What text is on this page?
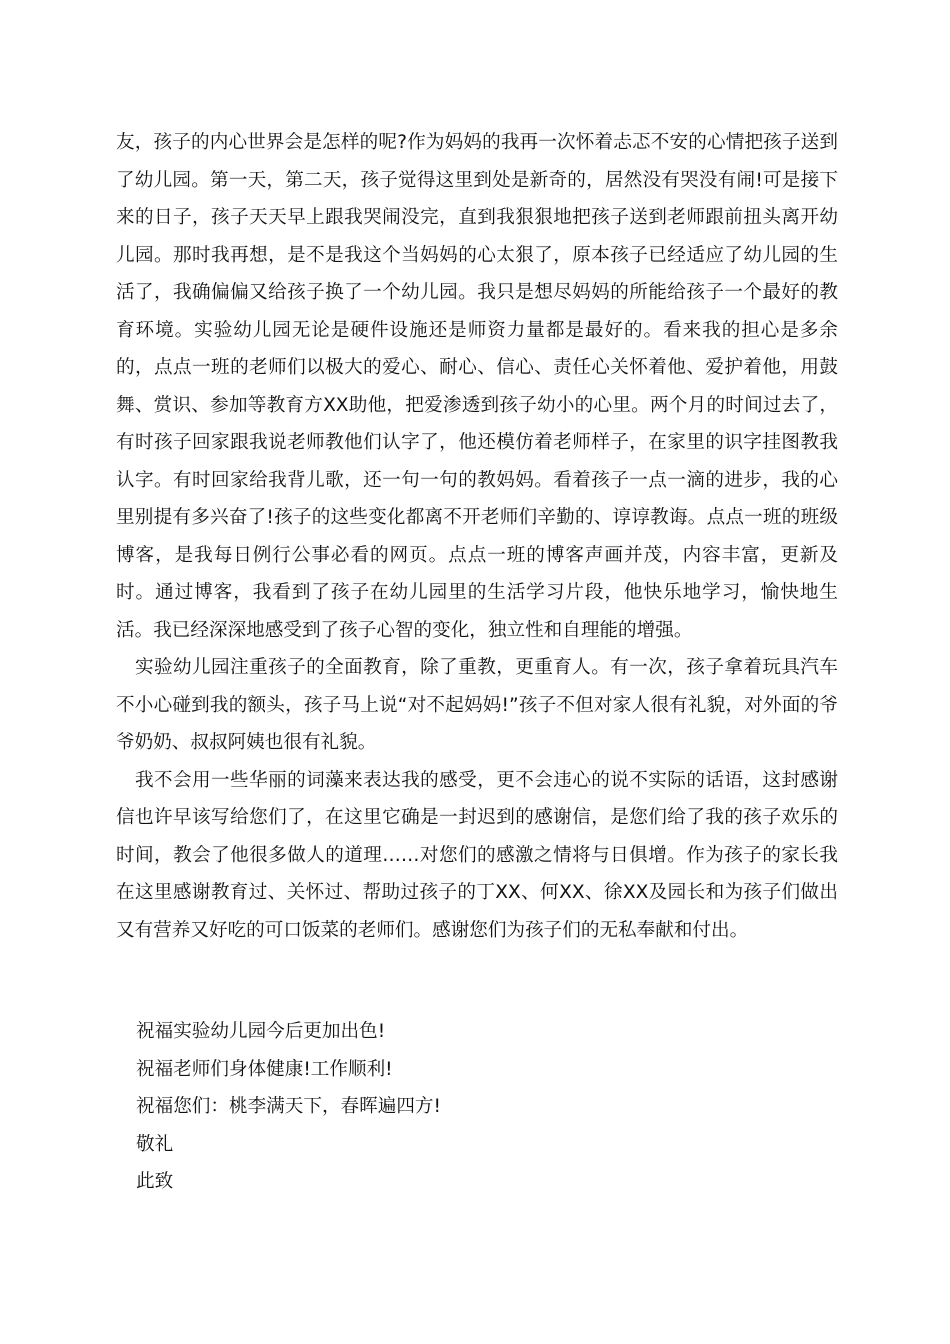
友，孩子的内心世界会是怎样的呢?作为妈妈的我再一次怀着忐忑不安的心情把孩子送到了幼儿园。第一天，第二天，孩子觉得这里到处是新奇的，居然没有哭没有闹!可是接下来的日子，孩子天天早上跟我哭闹没完，直到我狠狠地把孩子送到老师跟前扭头离开幼儿园。那时我再想，是不是我这个当妈妈的心太狠了，原本孩子已经适应了幼儿园的生活了，我确偏偏又给孩子换了一个幼儿园。我只是想尽妈妈的所能给孩子一个最好的教育环境。实验幼儿园无论是硬件设施还是师资力量都是最好的。看来我的担心是多余的，点点一班的老师们以极大的爱心、耐心、信心、责任心关怀着他、爱护着他，用鼓舞、赏识、参加等教育方XX助他，把爱渗透到孩子幼小的心里。两个月的时间过去了，有时孩子回家跟我说老师教他们认字了，他还模仿着老师样子，在家里的识字挂图教我认字。有时回家给我背儿歌，还一句一句的教妈妈。看着孩子一点一滴的进步，我的心里别提有多兴奋了!孩子的这些变化都离不开老师们辛勤的、谆谆教诲。点点一班的班级博客，是我每日例行公事必看的网页。点点一班的博客声画并茂，内容丰富，更新及时。通过博客，我看到了孩子在幼儿园里的生活学习片段，他快乐地学习，愉快地生活。我已经深深地感受到了孩子心智的变化，独立性和自理能的增强。

实验幼儿园注重孩子的全面教育，除了重教，更重育人。有一次，孩子拿着玩具汽车不小心碰到我的额头，孩子马上说“对不起妈妈!”孩子不但对家人很有礼貌，对外面的爷爷奶奶、叔叔阿姨也很有礼貌。

我不会用一些华丽的词藻来表达我的感受，更不会违心的说不实际的话语，这封感谢信也许早该写给您们了，在这里它确是一封迟到的感谢信，是您们给了我的孩子欢乐的时间，教会了他很多做人的道理……对您们的感激之情将与日俱增。作为孩子的家长我在这里感谢教育过、关怀过、帮助过孩子的丁XX、何XX、徐XX及园长和为孩子们做出又有营养又好吃的可口饭菜的老师们。感谢您们为孩子们的无私奉献和付出。

祝福实验幼儿园今后更加出色!
祝福老师们身体健康!工作顺利!
祝福您们：桃李满天下，春晖遍四方!
敬礼
此致
